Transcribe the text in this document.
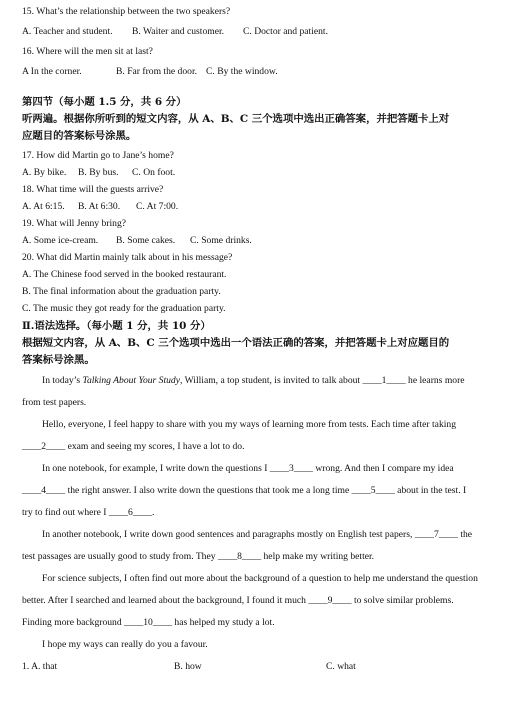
15. What’s the relationship between the two speakers?
A. Teacher and student. B. Waiter and customer. C. Doctor and patient.
16. Where will the men sit at last?
A In the corner.	B. Far from the door. C. By the window.
第四节（每小题 1.5 分，共 6 分）
听两遍。根据你所听到的短文内容，从 A、B、C 三个选项中选出正确答案，并把答题卡上对
应题目的答案标号涂黑。
17. How did Martin go to Jane’s home?
A. By bike. B. By bus. C. On foot.
18. What time will the guests arrive?
A. At 6:15. B. At 6:30. C. At 7:00.
19. What will Jenny bring?
A. Some ice-cream. B. Some cakes. C. Some drinks.
20. What did Martin mainly talk about in his message?
A. The Chinese food served in the booked restaurant.
B. The final information about the graduation party.
C. The music they got ready for the graduation party.
Ⅱ.语法选择。（每小题 1 分，共 10 分）
根据短文内容，从 A、B、C 三个选项中选出一个语法正确的答案，并把答题卡上对应题目的
答案标号涂黑。
In today’s Talking About Your Study, William, a top student, is invited to talk about ____1____ he learns more
from test papers.
Hello, everyone, I feel happy to share with you my ways of learning more from tests. Each time after taking
____2____ exam and seeing my scores, I have a lot to do.
In one notebook, for example, I write down the questions I ____3____ wrong. And then I compare my idea
____4____ the right answer. I also write down the questions that took me a long time ____5____ about in the test. I
try to find out where I ____6____.
In another notebook, I write down good sentences and paragraphs mostly on English test papers, ____7____ the
test passages are usually good to study from. They ____8____ help make my writing better.
For science subjects, I often find out more about the background of a question to help me understand the question
better. After I searched and learned about the background, I found it much ____9____ to solve similar problems.
Finding more background ____10____ has helped my study a lot.
I hope my ways can really do you a favour.
1. A. that	B. how	C. what
